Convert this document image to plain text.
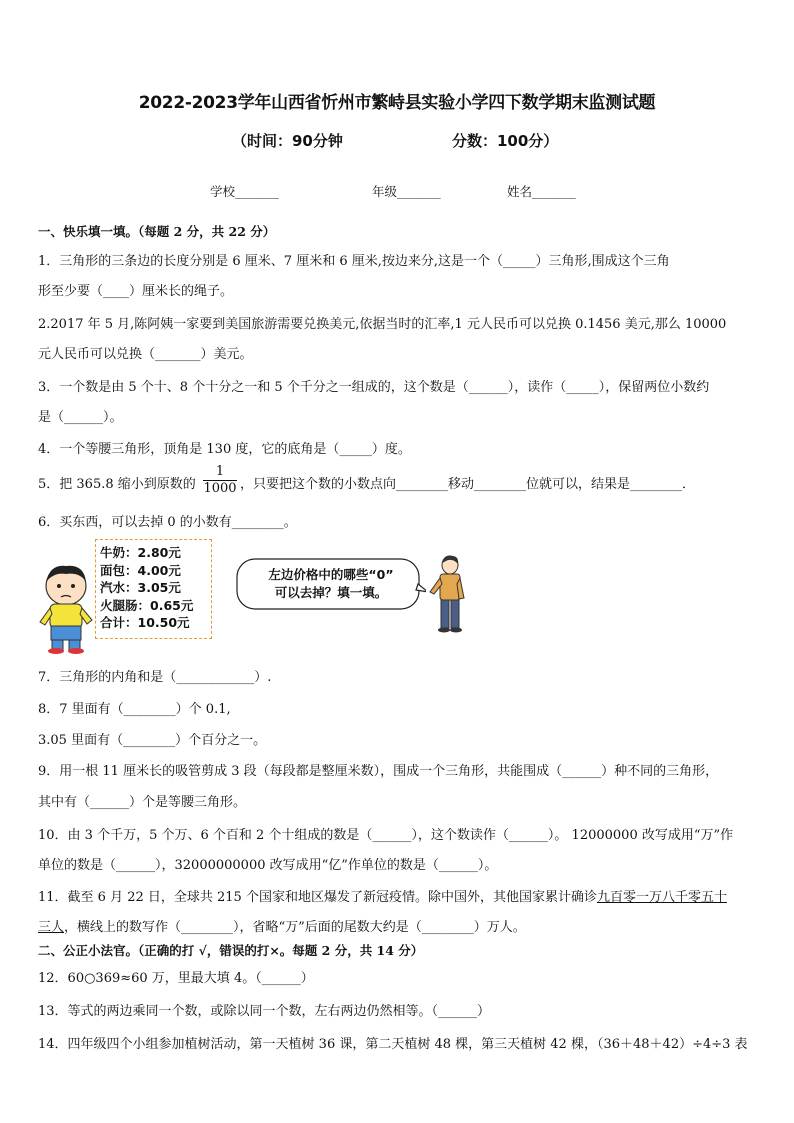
2022-2023学年山西省忻州市繁峙县实验小学四下数学期末监测试题
（时间：90分钟	分数：100分）
学校_______	年级_______	姓名_______
一、快乐填一填。（每题 2 分，共 22 分）
1．三角形的三条边的长度分别是 6 厘米、7 厘米和 6 厘米,按边来分,这是一个（_____）三角形,围成这个三角
形至少要（____）厘米长的绳子。
2.2017 年 5 月,陈阿姨一家要到美国旅游需要兑换美元,依据当时的汇率,1 元人民币可以兑换 0.1456 美元,那么 10000
元人民币可以兑换（_______）美元。
3．一个数是由 5 个十、8 个十分之一和 5 个千分之一组成的，这个数是（______），读作（_____），保留两位小数约
是（______）。
4．一个等腰三角形，顶角是 130 度，它的底角是（_____）度。
5．把 365.8 缩小到原数的 $\frac{1}{1000}$ ，只要把这个数的小数点向________移动________位就可以，结果是________．
6．买东西，可以去掉 0 的小数有________。
牛奶：2.80元
面包：4.00元
汽水：3.05元
火腿肠：0.65元
合计：10.50元
左边价格中的哪些“0”
可以去掉？填一填。
7．三角形的内角和是（____________）.
8．7 里面有（________）个 0.1,
3.05 里面有（________）个百分之一。
9．用一根 11 厘米长的吸管剪成 3 段（每段都是整厘米数），围成一个三角形，共能围成（______）种不同的三角形，
其中有（______）个是等腰三角形。
10．由 3 个千万，5 个万、6 个百和 2 个十组成的数是（______），这个数读作（______）。 12000000 改写成用“万”作
单位的数是（______），32000000000 改写成用“亿”作单位的数是（______）。
11．截至 6 月 22 日，全球共 215 个国家和地区爆发了新冠疫情。除中国外，其他国家累计确诊九百零一万八千零五十
三人，横线上的数写作（________），省略“万”后面的尾数大约是（________）万人。
二、公正小法官。（正确的打 √，错误的打×。每题 2 分，共 14 分）
12．60○369≈60 万，里最大填 4。（______）
13．等式的两边乘同一个数，或除以同一个数，左右两边仍然相等。（______）
14．四年级四个小组参加植树活动，第一天植树 36 课，第二天植树 48 棵，第三天植树 42 棵，（36＋48＋42）÷4÷3 表
